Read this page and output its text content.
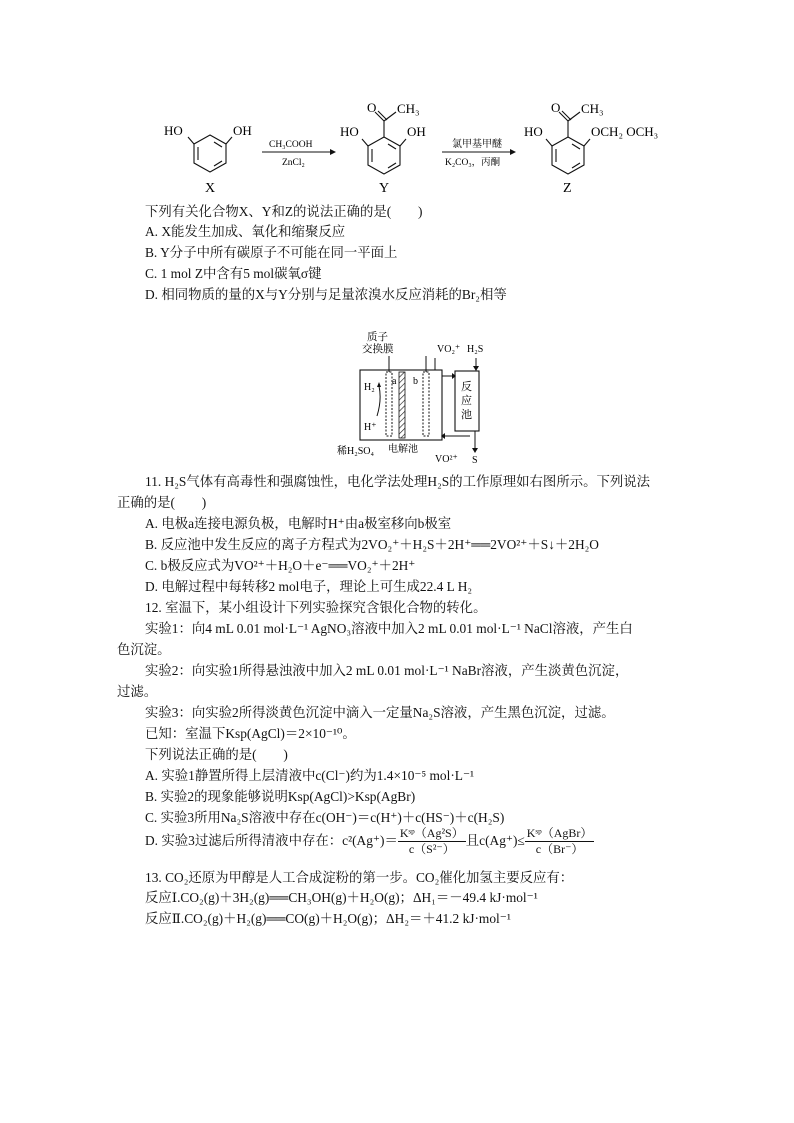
HO	OH
X
CH₃COOH
ZnCl₂
O CH₃
HO	OH
Y
氯甲基甲醚
K₂CO₃，丙酮
O CH₃
HO	OCH₂ OCH₃
Z
下列有关化合物X、Y和Z的说法正确的是(　　)
A. X能发生加成、氧化和缩聚反应
B. Y分子中所有碳原子不可能在同一平面上
C. 1 mol Z中含有5 mol碳氧σ键
D. 相同物质的量的X与Y分别与足量浓溴水反应消耗的Br₂相等
质子
交换膜	VO₂⁺ H₂S
a b
H₂
H⁺
反
应
池
稀H₂SO₄ 电解池
VO²⁺ S
11. H₂S气体有高毒性和强腐蚀性，电化学法处理H₂S的工作原理如右图所示。下列说法
正确的是(　　)
A. 电极a连接电源负极，电解时H⁺由a极室移向b极室
B. 反应池中发生反应的离子方程式为2VO₂⁺＋H₂S＋2H⁺══2VO²⁺＋S↓＋2H₂O
C. b极反应式为VO²⁺＋H₂O＋e⁻══VO₂⁺＋2H⁺
D. 电解过程中每转移2 mol电子，理论上可生成22.4 L H₂
12. 室温下，某小组设计下列实验探究含银化合物的转化。
实验1：向4 mL 0.01 mol·L⁻¹ AgNO₃溶液中加入2 mL 0.01 mol·L⁻¹ NaCl溶液，产生白
色沉淀。
实验2：向实验1所得悬浊液中加入2 mL 0.01 mol·L⁻¹ NaBr溶液，产生淡黄色沉淀，
过滤。
实验3：向实验2所得淡黄色沉淀中滴入一定量Na₂S溶液，产生黑色沉淀，过滤。
已知：室温下Ksp(AgCl)＝2×10⁻¹⁰。
下列说法正确的是(　　)
A. 实验1静置所得上层清液中c(Cl⁻)约为1.4×10⁻⁵ mol·L⁻¹
B. 实验2的现象能够说明Ksp(AgCl)>Ksp(AgBr)
C. 实验3所用Na₂S溶液中存在c(OH⁻)＝c(H⁺)＋c(HS⁻)＋c(H₂S)
D. 实验3过滤后所得清液中存在：$c^2(Ag^+)= \frac{\text{Kˢᵖ（Ag²S）}}{\text{c（S²⁻）}}$ 且$c(Ag^+)\le \frac{\text{Kˢᵖ（AgBr）}}{c(Br^-)}$
13. CO₂还原为甲醇是人工合成淀粉的第一步。CO₂催化加氢主要反应有：
反应Ⅰ.CO₂(g)＋3H₂(g)══CH₃OH(g)＋H₂O(g)；ΔH₁＝－49.4 kJ·mol⁻¹
反应Ⅱ.CO₂(g)＋H₂(g)══CO(g)＋H₂O(g)；ΔH₂＝＋41.2 kJ·mol⁻¹
